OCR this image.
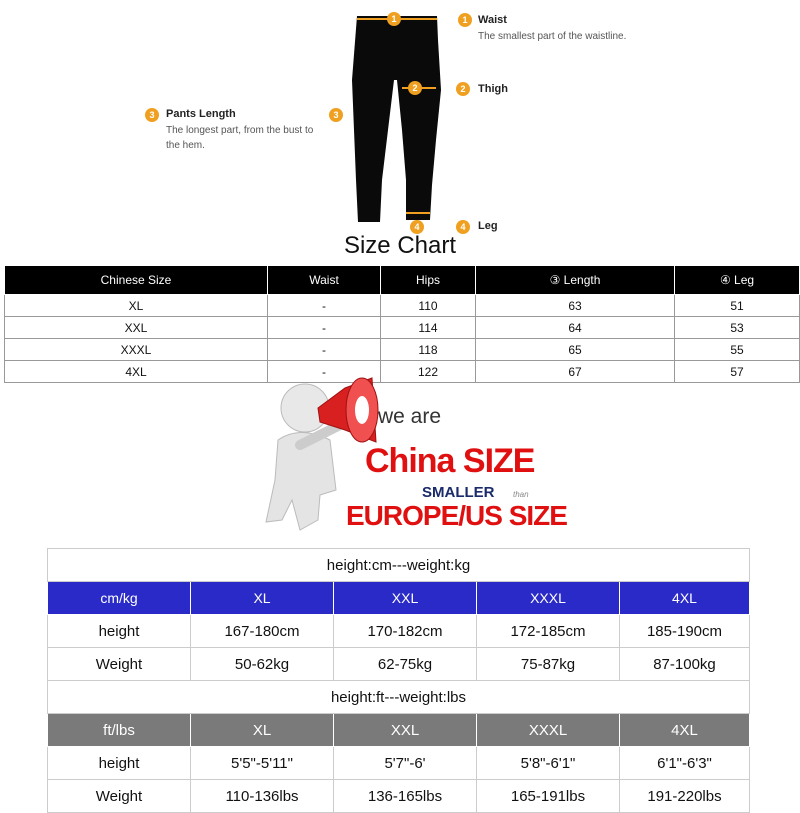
1
2
3
4
1 Waist
The smallest part of the waistline.
2	Thigh
3	Pants Length
The longest part, from the bust to
the hem.
4	Leg
Size Chart
Chinese Size	Waist	Hips	③ Length	④ Leg
XL	-	110	63	51
XXL	-	114	64	53
XXXL	-	118	65	55
4XL	-	122	67	57
we are
China SIZE
SMALLER than
EUROPE/US SIZE
height:cm---weight:kg				
cm/kg	XL	XXL	XXXL	4XL
height	167-180cm	170-182cm	172-185cm	185-190cm
Weight	50-62kg	62-75kg	75-87kg	87-100kg
height:ft---weight:lbs				
ft/lbs	XL	XXL	XXXL	4XL
height	5'5"-5'11"	5'7"-6'	5'8"-6'1"	6'1"-6'3"
Weight	110-136lbs	136-165lbs	165-191lbs	191-220lbs
